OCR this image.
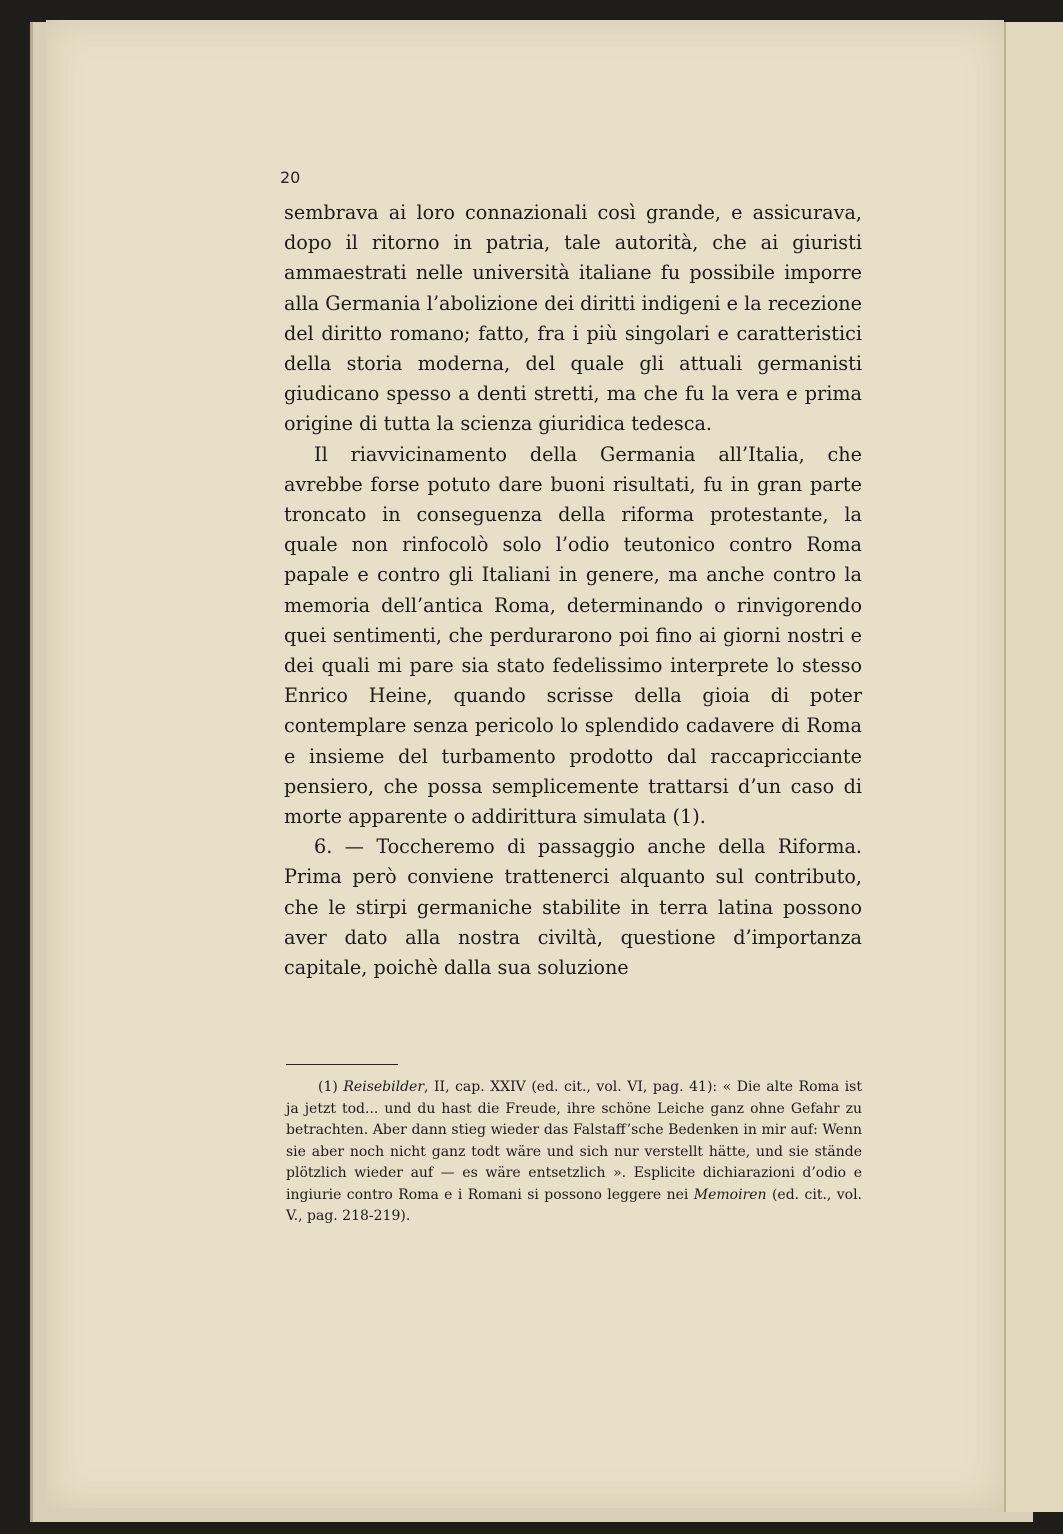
20

sembrava ai loro connazionali così grande, e assicurava, dopo il ritorno in patria, tale autorità, che ai giuristi ammaestrati nelle università italiane fu possibile imporre alla Germania l’abolizione dei diritti indigeni e la recezione del diritto romano; fatto, fra i più singolari e caratteristici della storia moderna, del quale gli attuali germanisti giudicano spesso a denti stretti, ma che fu la vera e prima origine di tutta la scienza giuridica tedesca.

Il riavvicinamento della Germania all’Italia, che avrebbe forse potuto dare buoni risultati, fu in gran parte troncato in conseguenza della riforma protestante, la quale non rinfocolò solo l’odio teutonico contro Roma papale e contro gli Italiani in genere, ma anche contro la memoria dell’antica Roma, determinando o rinvigorendo quei sentimenti, che perdurarono poi fino ai giorni nostri e dei quali mi pare sia stato fedelissimo interprete lo stesso Enrico Heine, quando scrisse della gioia di poter contemplare senza pericolo lo splendido cadavere di Roma e insieme del turbamento prodotto dal raccapricciante pensiero, che possa semplicemente trattarsi d’un caso di morte apparente o addirittura simulata (1).

6. — Toccheremo di passaggio anche della Riforma. Prima però conviene trattenerci alquanto sul contributo, che le stirpi germaniche stabilite in terra latina possono aver dato alla nostra civiltà, questione d’importanza capitale, poichè dalla sua soluzione

(1) Reisebilder, II, cap. XXIV (ed. cit., vol. VI, pag. 41): « Die alte Roma ist ja jetzt tod... und du hast die Freude, ihre schöne Leiche ganz ohne Gefahr zu betrachten. Aber dann stieg wieder das Falstaff’sche Bedenken in mir auf: Wenn sie aber noch nicht ganz todt wäre und sich nur verstellt hätte, und sie stände plötzlich wieder auf — es wäre entsetzlich ». Esplicite dichiarazioni d’odio e ingiurie contro Roma e i Romani si possono leggere nei Memoiren (ed. cit., vol. V., pag. 218-219).
